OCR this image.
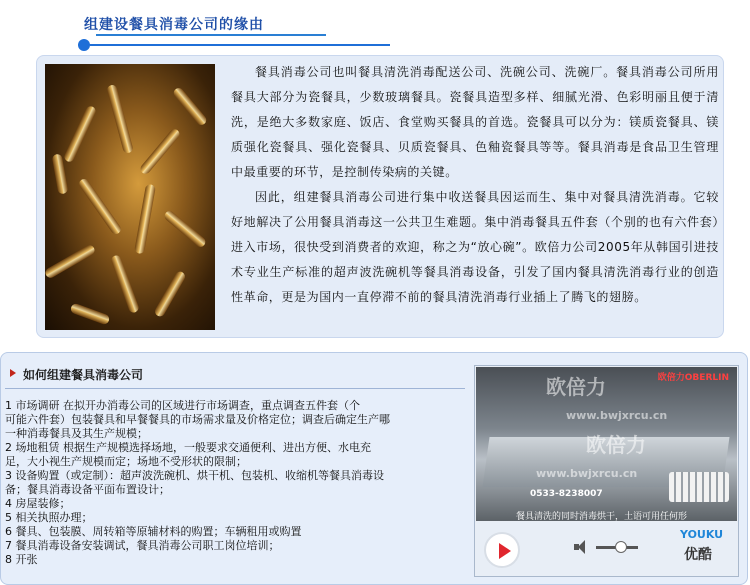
组建设餐具消毒公司的缘由

餐具消毒公司也叫餐具清洗消毒配送公司、洗碗公司、洗碗厂。餐具消毒公司所用餐具大部分为瓷餐具，少数玻璃餐具。瓷餐具造型多样、细腻光滑、色彩明丽且便于清洗，是绝大多数家庭、饭店、食堂购买餐具的首选。瓷餐具可以分为：镁质瓷餐具、镁质强化瓷餐具、强化瓷餐具、贝质瓷餐具、色釉瓷餐具等等。餐具消毒是食品卫生管理中最重要的环节，是控制传染病的关键。

因此，组建餐具消毒公司进行集中收送餐具因运而生、集中对餐具清洗消毒。它较好地解决了公用餐具消毒这一公共卫生难题。集中消毒餐具五件套（个别的也有六件套）进入市场，很快受到消费者的欢迎，称之为“放心碗”。欧倍力公司2005年从韩国引进技术专业生产标准的超声波洗碗机等餐具消毒设备，引发了国内餐具清洗消毒行业的创造性革命，更是为国内一直停滞不前的餐具清洗消毒行业插上了腾飞的翅膀。

如何组建餐具消毒公司
1 市场调研 在拟开办消毒公司的区域进行市场调查，重点调查五件套（个
可能六件套）包装餐具和早餐餐具的市场需求量及价格定位；调查后确定生产哪
一种消毒餐具及其生产规模；
2 场地租赁 根据生产规模选择场地，一般要求交通便利、进出方便、水电充
足，大小视生产规模而定；场地不受形状的限制；
3 设备购置（或定制）：超声波洗碗机、烘干机、包装机、收缩机等餐具消毒设
备；餐具消毒设备平面布置设计；
4 房屋装修；
5 相关执照办理；
6 餐具、包装膜、周转箱等原辅材料的购置；车辆租用或购置
7 餐具消毒设备安装调试，餐具消毒公司职工岗位培训；
8 开张
欧倍力
www.bwjxrcu.cn
欧倍力
www.bwjxrcu.cn
欧倍力OBERLIN
0533-8238007
餐具清洗的同时消毒烘干，土语可用任何形
YOUKU
优酷
